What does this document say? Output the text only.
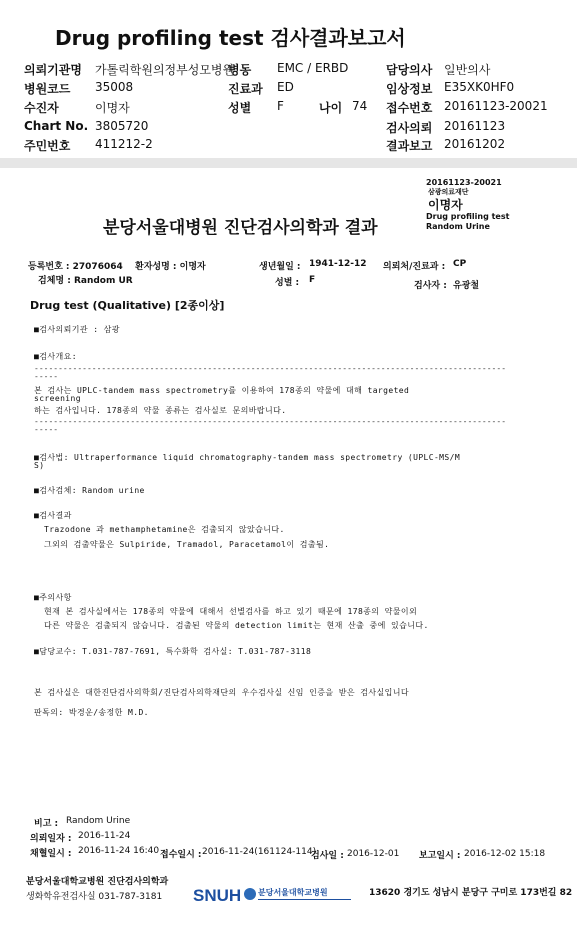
Drug profiling test 검사결과보고서
의뢰기관명 가톨릭학원의정부성모병원
병동 EMC / ERBD	담당의사 일반의사
병원코드 35008	진료과 ED	임상정보 E35XK0HF0
수진자	이명자	성별 F	나이 74 접수번호 20161123-20021
Chart No. 3805720	검사의뢰 20161123
주민번호 411212-2	결과보고 20161202
20161123-20021
삼광의료재단
이명자
Drug profiling test
Random Urine
분당서울대병원 진단검사의학과 결과
등록번호 : 27076064 환자성명 : 이명자	생년월일 : 1941-12-12 의뢰처/진료과 : CP
검체명 : Random UR	성별 : F
검사자 : 유광철
Drug test (Qualitative) [2종이상]
■검사의뢰기관 : 삼광
■검사개요:
--------------------------------------------------------------------------------------------------
-----
본 검사는 UPLC-tandem mass spectrometry를 이용하여 178종의 약물에 대해 targeted
screening
하는 검사입니다. 178종의 약물 종류는 검사실로 문의바랍니다.
--------------------------------------------------------------------------------------------------
-----
■검사법: Ultraperformance liquid chromatography-tandem mass spectrometry (UPLC-MS/M
S)
■검사검체: Random urine
■검사결과
Trazodone 과 methamphetamine은 검출되지 않았습니다.
그외의 검출약물은 Sulpiride, Tramadol, Paracetamol이 검출됨.
■주의사항
현재 본 검사실에서는 178종의 약물에 대해서 선별검사를 하고 있기 때문에 178종의 약물이외
다른 약물은 검출되지 않습니다. 검출된 약물의 detection limit는 현재 산출 중에 있습니다.
■담당교수: T.031-787-7691, 특수화학 검사실: T.031-787-3118
본 검사실은 대한진단검사의학회/진단검사의학재단의 우수검사실 신임 인증을 받은 검사실입니다
판독의: 박경운/송정한 M.D.
비고 : Random Urine
의뢰일자 : 2016-11-24
채혈일시 : 2016-11-24 16:40 접수일시 : 2016-11-24(161124-114)
검사일 : 2016-12-01 보고일시 : 2016-12-02 15:18
분당서울대학교병원 진단검사의학과
생화학유전검사실 031-787-3181 SNUH 분당서울대학교병원	13620 경기도 성남시 분당구 구미로 173번길 82
